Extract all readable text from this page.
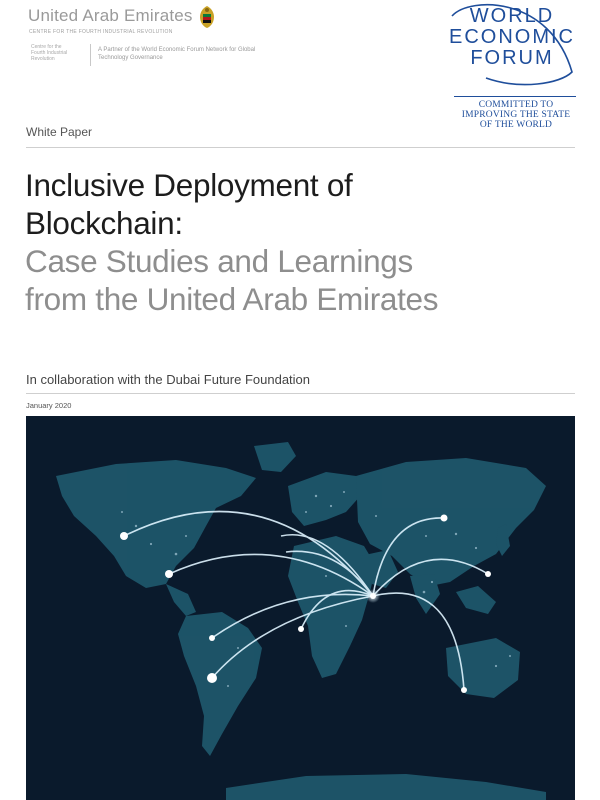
United Arab Emirates
CENTRE FOR THE FOURTH INDUSTRIAL REVOLUTION
Centre for the Fourth Industrial Revolution
A Partner of the World Economic Forum Network for Global Technology Governance
WORLD
ECONOMIC
FORUM
COMMITTED TO
IMPROVING THE STATE
OF THE WORLD
White Paper
Inclusive Deployment of
Blockchain:
Case Studies and Learnings
from the United Arab Emirates
In collaboration with the Dubai Future Foundation
January 2020
